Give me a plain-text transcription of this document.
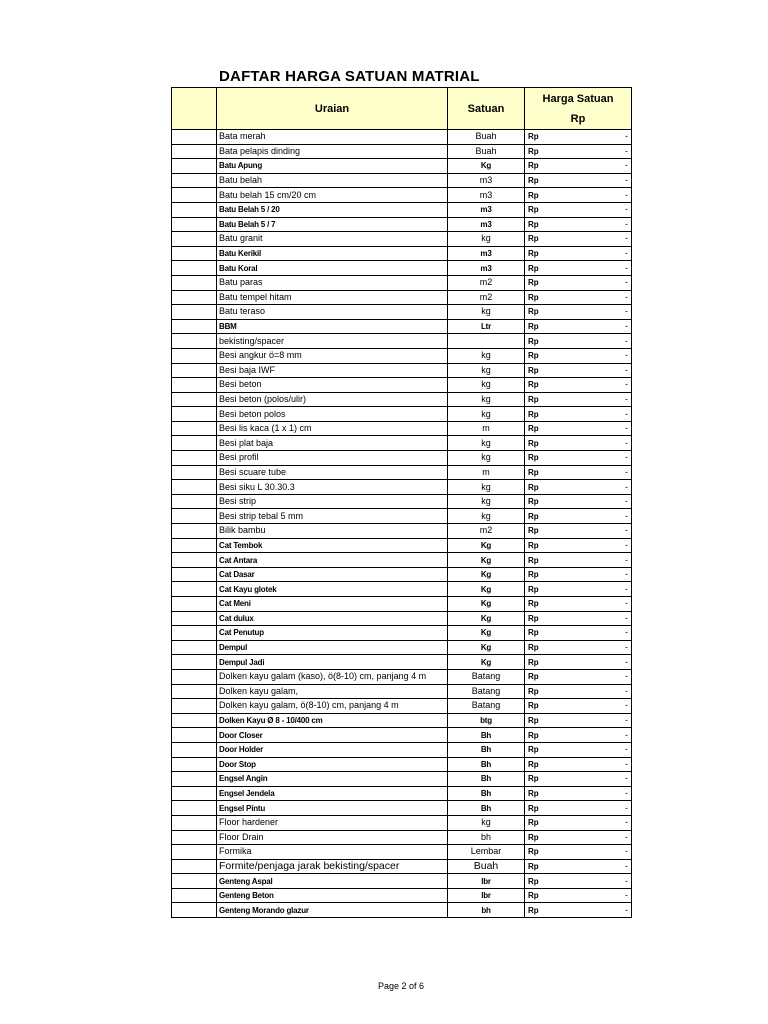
DAFTAR HARGA SATUAN MATRIAL
	Uraian	Satuan	Harga Satuan
Rp

	Bata merah	Buah	Rp -

	Bata pelapis dinding	Buah	Rp -

	Batu Apung	Kg	Rp -

	Batu belah	m3	Rp -

	Batu belah 15 cm/20 cm	m3	Rp -

	Batu Belah 5 / 20	m3	Rp -

	Batu Belah 5 / 7	m3	Rp -

	Batu granit	kg	Rp -

	Batu Kerikil	m3	Rp -

	Batu Koral	m3	Rp -

	Batu paras	m2	Rp -

	Batu tempel hitam	m2	Rp -

	Batu teraso	kg	Rp -

	BBM	Ltr	Rp -

	bekisting/spacer		Rp -

	Besi angkur ö=8 mm	kg	Rp -

	Besi baja IWF	kg	Rp -

	Besi beton	kg	Rp -

	Besi beton (polos/ulir)	kg	Rp -

	Besi beton polos	kg	Rp -

	Besi lis kaca (1 x 1) cm	m	Rp -

	Besi plat baja	kg	Rp -

	Besi profil	kg	Rp -

	Besi scuare tube	m	Rp -

	Besi siku L 30.30.3	kg	Rp -

	Besi strip	kg	Rp -

	Besi strip tebal 5 mm	kg	Rp -

	Bilik bambu	m2	Rp -

	Cat Tembok	Kg	Rp -

	Cat Antara	Kg	Rp -

	Cat Dasar	Kg	Rp -

	Cat Kayu glotek	Kg	Rp -

	Cat Meni	Kg	Rp -

	Cat dulux	Kg	Rp -

	Cat Penutup	Kg	Rp -

	Dempul	Kg	Rp -

	Dempul Jadi	Kg	Rp -

	Dolken kayu galam (kaso), ö(8-10) cm, panjang 4 m	Batang	Rp -

	Dolken kayu galam,	Batang	Rp -

	Dolken kayu galam, ö(8-10) cm, panjang 4 m	Batang	Rp -

	Dolken Kayu Ø 8 - 10/400 cm	btg	Rp -

	Door Closer	Bh	Rp -

	Door Holder	Bh	Rp -

	Door Stop	Bh	Rp -

	Engsel Angin	Bh	Rp -

	Engsel Jendela	Bh	Rp -

	Engsel Pintu	Bh	Rp -

	Floor hardener	kg	Rp -

	Floor Drain	bh	Rp -

	Formika	Lembar	Rp -

	Formite/penjaga jarak bekisting/spacer	Buah	Rp -

	Genteng Aspal	lbr	Rp -

	Genteng Beton	lbr	Rp -

	Genteng Morando glazur	bh	Rp -
Page 2 of 6
